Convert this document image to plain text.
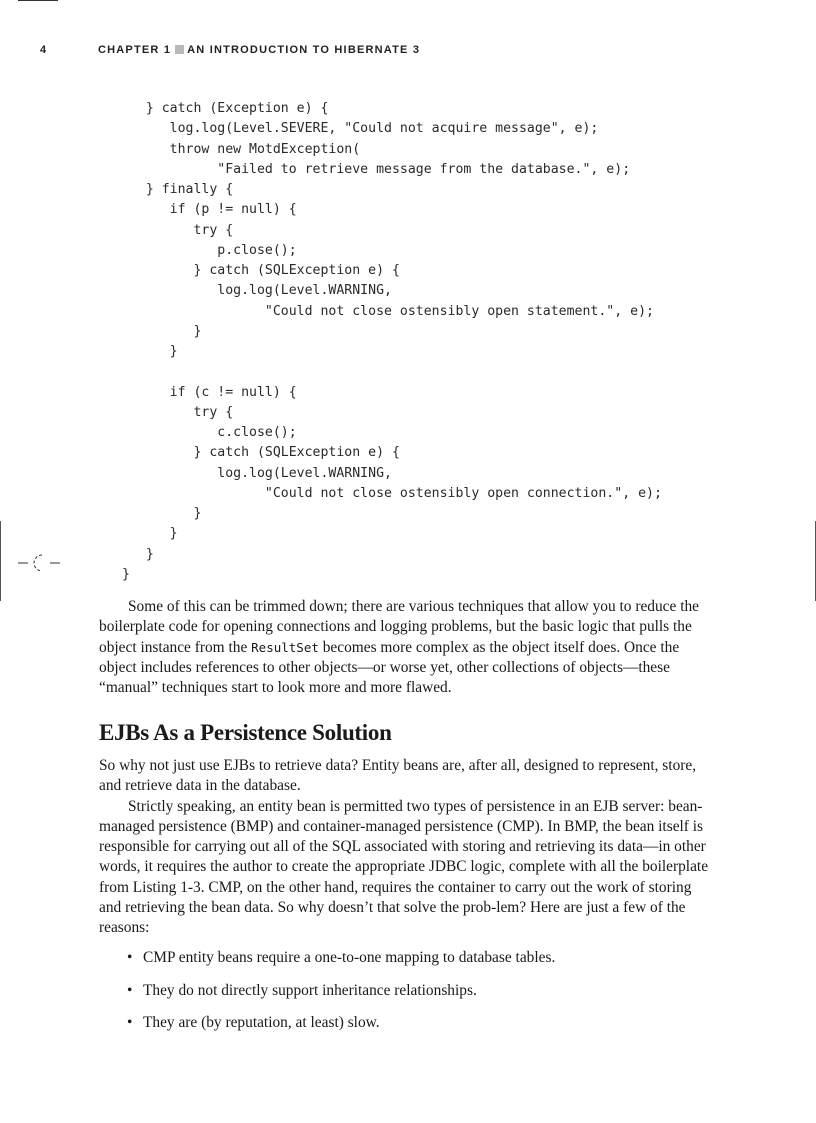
4	CHAPTER 1 AN INTRODUCTION TO HIBERNATE 3
} catch (Exception e) {
log.log(Level.SEVERE, "Could not acquire message", e);
throw new MotdException(
"Failed to retrieve message from the database.", e);
} finally {
if (p != null) {
try {
p.close();
} catch (SQLException e) {
log.log(Level.WARNING,
"Could not close ostensibly open statement.", e);
}
}
if (c != null) {
try {
c.close();
} catch (SQLException e) {
log.log(Level.WARNING,
"Could not close ostensibly open connection.", e);
}
}
}
}

Some of this can be trimmed down; there are various techniques that allow you to reduce the boilerplate code for opening connections and logging problems, but the basic logic that pulls the object instance from the ResultSet becomes more complex as the object itself does. Once the object includes references to other objects—or worse yet, other collections of objects—these “manual” techniques start to look more and more flawed.

EJBs As a Persistence Solution

So why not just use EJBs to retrieve data? Entity beans are, after all, designed to represent, store, and retrieve data in the database.

Strictly speaking, an entity bean is permitted two types of persistence in an EJB server: bean-managed persistence (BMP) and container-managed persistence (CMP). In BMP, the bean itself is responsible for carrying out all of the SQL associated with storing and retrieving its data—in other words, it requires the author to create the appropriate JDBC logic, complete with all the boilerplate from Listing 1-3. CMP, on the other hand, requires the container to carry out the work of storing and retrieving the bean data. So why doesn’t that solve the prob-lem? Here are just a few of the reasons:

• CMP entity beans require a one-to-one mapping to database tables.
• They do not directly support inheritance relationships.
• They are (by reputation, at least) slow.
